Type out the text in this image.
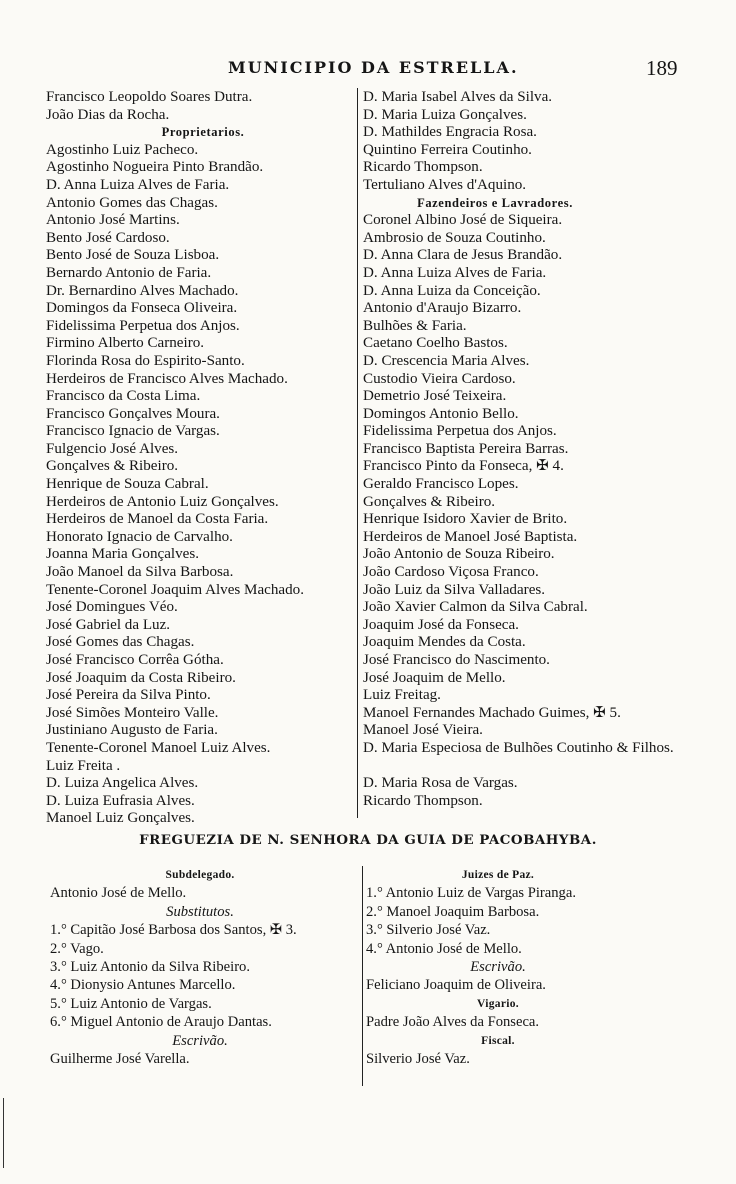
MUNICIPIO DA ESTRELLA.	189
Francisco Leopoldo Soares Dutra.
João Dias da Rocha.
Proprietarios.
Agostinho Luiz Pacheco.
Agostinho Nogueira Pinto Brandão.
D. Anna Luiza Alves de Faria.
Antonio Gomes das Chagas.
Antonio José Martins.
Bento José Cardoso.
Bento José de Souza Lisboa.
Bernardo Antonio de Faria.
Dr. Bernardino Alves Machado.
Domingos da Fonseca Oliveira.
Fidelissima Perpetua dos Anjos.
Firmino Alberto Carneiro.
Florinda Rosa do Espirito-Santo.
Herdeiros de Francisco Alves Machado.
Francisco da Costa Lima.
Francisco Gonçalves Moura.
Francisco Ignacio de Vargas.
Fulgencio José Alves.
Gonçalves & Ribeiro.
Henrique de Souza Cabral.
Herdeiros de Antonio Luiz Gonçalves.
Herdeiros de Manoel da Costa Faria.
Honorato Ignacio de Carvalho.
Joanna Maria Gonçalves.
João Manoel da Silva Barbosa.
Tenente-Coronel Joaquim Alves Machado.
José Domingues Véo.
José Gabriel da Luz.
José Gomes das Chagas.
José Francisco Corrêa Gótha.
José Joaquim da Costa Ribeiro.
José Pereira da Silva Pinto.
José Simões Monteiro Valle.
Justiniano Augusto de Faria.
Tenente-Coronel Manoel Luiz Alves.
Luiz Freita .
D. Luiza Angelica Alves.
D. Luiza Eufrasia Alves.
Manoel Luiz Gonçalves.
D. Maria Isabel Alves da Silva.
D. Maria Luiza Gonçalves.
D. Mathildes Engracia Rosa.
Quintino Ferreira Coutinho.
Ricardo Thompson.
Tertuliano Alves d'Aquino.
Fazendeiros e Lavradores.
Coronel Albino José de Siqueira.
Ambrosio de Souza Coutinho.
D. Anna Clara de Jesus Brandão.
D. Anna Luiza Alves de Faria.
D. Anna Luiza da Conceição.
Antonio d'Araujo Bizarro.
Bulhões & Faria.
Caetano Coelho Bastos.
D. Crescencia Maria Alves.
Custodio Vieira Cardoso.
Demetrio José Teixeira.
Domingos Antonio Bello.
Fidelissima Perpetua dos Anjos.
Francisco Baptista Pereira Barras.
Francisco Pinto da Fonseca, ✠ 4.
Geraldo Francisco Lopes.
Gonçalves & Ribeiro.
Henrique Isidoro Xavier de Brito.
Herdeiros de Manoel José Baptista.
João Antonio de Souza Ribeiro.
João Cardoso Viçosa Franco.
João Luiz da Silva Valladares.
João Xavier Calmon da Silva Cabral.
Joaquim José da Fonseca.
Joaquim Mendes da Costa.
José Francisco do Nascimento.
José Joaquim de Mello.
Luiz Freitag.
Manoel Fernandes Machado Guimes, ✠ 5.
Manoel José Vieira.
D. Maria Especiosa de Bulhões Coutinho & Filhos.
D. Maria Rosa de Vargas.
Ricardo Thompson.
FREGUEZIA DE N. SENHORA DA GUIA DE PACOBAHYBA.
Subdelegado.
Antonio José de Mello.
Substitutos.
1.° Capitão José Barbosa dos Santos, ✠ 3.
2.° Vago.
3.° Luiz Antonio da Silva Ribeiro.
4.° Dionysio Antunes Marcello.
5.° Luiz Antonio de Vargas.
6.° Miguel Antonio de Araujo Dantas.
Escrivão.
Guilherme José Varella.
Juizes de Paz.
1.° Antonio Luiz de Vargas Piranga.
2.° Manoel Joaquim Barbosa.
3.° Silverio José Vaz.
4.° Antonio José de Mello.
Escrivão.
Feliciano Joaquim de Oliveira.
Vigario.
Padre João Alves da Fonseca.
Fiscal.
Silverio José Vaz.
